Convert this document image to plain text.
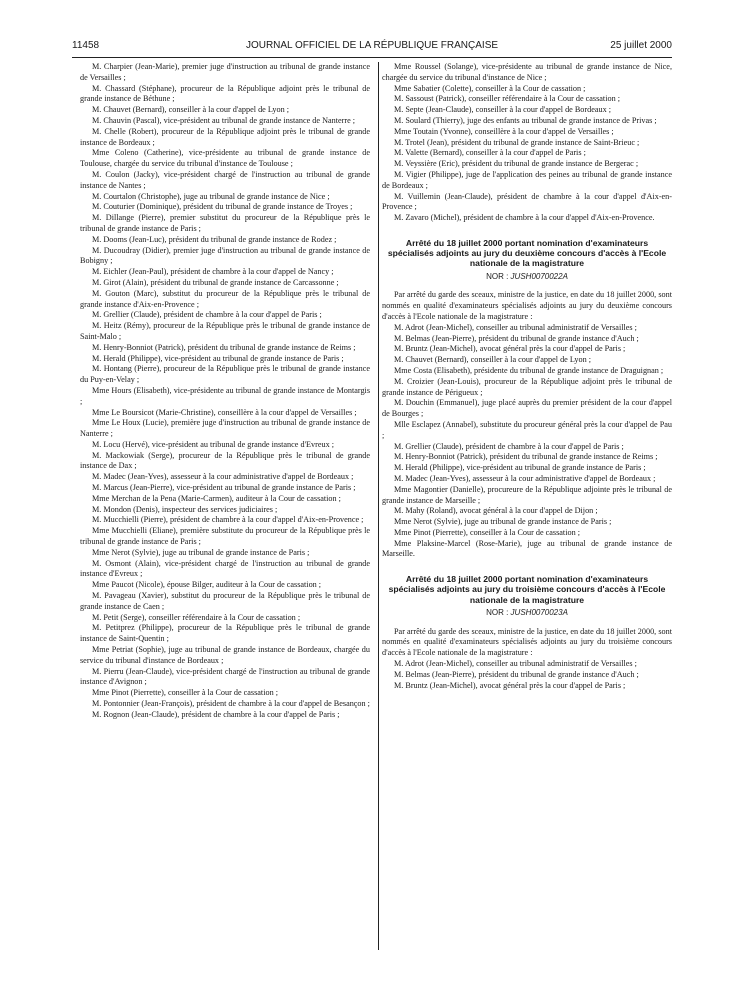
11458	JOURNAL OFFICIEL DE LA RÉPUBLIQUE FRANÇAISE	25 juillet 2000

M. Charpier (Jean-Marie), premier juge d'instruction au tribunal de grande instance de Versailles ;

M. Chassard (Stéphane), procureur de la République adjoint près le tribunal de grande instance de Béthune ;

M. Chauvet (Bernard), conseiller à la cour d'appel de Lyon ;

M. Chauvin (Pascal), vice-président au tribunal de grande instance de Nanterre ;

M. Chelle (Robert), procureur de la République adjoint près le tribunal de grande instance de Bordeaux ;

Mme Coleno (Catherine), vice-présidente au tribunal de grande instance de Toulouse, chargée du service du tribunal d'instance de Toulouse ;

M. Coulon (Jacky), vice-président chargé de l'instruction au tribunal de grande instance de Nantes ;

M. Courtalon (Christophe), juge au tribunal de grande instance de Nice ;

M. Couturier (Dominique), président du tribunal de grande instance de Troyes ;

M. Dillange (Pierre), premier substitut du procureur de la République près le tribunal de grande instance de Paris ;

M. Dooms (Jean-Luc), président du tribunal de grande instance de Rodez ;

M. Ducoudray (Didier), premier juge d'instruction au tribunal de grande instance de Bobigny ;

M. Eichler (Jean-Paul), président de chambre à la cour d'appel de Nancy ;

M. Girot (Alain), président du tribunal de grande instance de Carcassonne ;

M. Gouton (Marc), substitut du procureur de la République près le tribunal de grande instance d'Aix-en-Provence ;

M. Grellier (Claude), président de chambre à la cour d'appel de Paris ;

M. Heitz (Rémy), procureur de la République près le tribunal de grande instance de Saint-Malo ;

M. Henry-Bonniot (Patrick), président du tribunal de grande instance de Reims ;

M. Herald (Philippe), vice-président au tribunal de grande instance de Paris ;

M. Hontang (Pierre), procureur de la République près le tribunal de grande instance du Puy-en-Velay ;

Mme Hours (Elisabeth), vice-présidente au tribunal de grande instance de Montargis ;

Mme Le Boursicot (Marie-Christine), conseillère à la cour d'appel de Versailles ;

Mme Le Houx (Lucie), première juge d'instruction au tribunal de grande instance de Nanterre ;

M. Locu (Hervé), vice-président au tribunal de grande instance d'Evreux ;

M. Mackowiak (Serge), procureur de la République près le tribunal de grande instance de Dax ;

M. Madec (Jean-Yves), assesseur à la cour administrative d'appel de Bordeaux ;

M. Marcus (Jean-Pierre), vice-président au tribunal de grande instance de Paris ;

Mme Merchan de la Pena (Marie-Carmen), auditeur à la Cour de cassation ;

M. Mondon (Denis), inspecteur des services judiciaires ;

M. Mucchielli (Pierre), président de chambre à la cour d'appel d'Aix-en-Provence ;

Mme Mucchielli (Eliane), première substitute du procureur de la République près le tribunal de grande instance de Paris ;

Mme Nerot (Sylvie), juge au tribunal de grande instance de Paris ;

M. Osmont (Alain), vice-président chargé de l'instruction au tribunal de grande instance d'Evreux ;

Mme Paucot (Nicole), épouse Bilger, auditeur à la Cour de cassation ;

M. Pavageau (Xavier), substitut du procureur de la République près le tribunal de grande instance de Caen ;

M. Petit (Serge), conseiller référendaire à la Cour de cassation ;

M. Petitprez (Philippe), procureur de la République près le tribunal de grande instance de Saint-Quentin ;

Mme Petriat (Sophie), juge au tribunal de grande instance de Bordeaux, chargée du service du tribunal d'instance de Bordeaux ;

M. Pierru (Jean-Claude), vice-président chargé de l'instruction au tribunal de grande instance d'Avignon ;

Mme Pinot (Pierrette), conseiller à la Cour de cassation ;

M. Pontonnier (Jean-François), président de chambre à la cour d'appel de Besançon ;

M. Rognon (Jean-Claude), président de chambre à la cour d'appel de Paris ;

Mme Roussel (Solange), vice-présidente au tribunal de grande instance de Nice, chargée du service du tribunal d'instance de Nice ;

Mme Sabatier (Colette), conseiller à la Cour de cassation ;

M. Sassoust (Patrick), conseiller référendaire à la Cour de cassation ;

M. Septe (Jean-Claude), conseiller à la cour d'appel de Bordeaux ;

M. Soulard (Thierry), juge des enfants au tribunal de grande instance de Privas ;

Mme Toutain (Yvonne), conseillère à la cour d'appel de Versailles ;

M. Trotel (Jean), président du tribunal de grande instance de Saint-Brieuc ;

M. Valette (Bernard), conseiller à la cour d'appel de Paris ;

M. Veyssière (Eric), président du tribunal de grande instance de Bergerac ;

M. Vigier (Philippe), juge de l'application des peines au tribunal de grande instance de Bordeaux ;

M. Vuillemin (Jean-Claude), président de chambre à la cour d'appel d'Aix-en-Provence ;

M. Zavaro (Michel), président de chambre à la cour d'appel d'Aix-en-Provence.

Arrêté du 18 juillet 2000 portant nomination d'examinateurs spécialisés adjoints au jury du deuxième concours d'accès à l'Ecole nationale de la magistrature

NOR : JUSH0070022A

Par arrêté du garde des sceaux, ministre de la justice, en date du 18 juillet 2000, sont nommés en qualité d'examinateurs spécialisés adjoints au jury du deuxième concours d'accès à l'Ecole nationale de la magistrature :

M. Adrot (Jean-Michel), conseiller au tribunal administratif de Versailles ;

M. Belmas (Jean-Pierre), président du tribunal de grande instance d'Auch ;

M. Bruntz (Jean-Michel), avocat général près la cour d'appel de Paris ;

M. Chauvet (Bernard), conseiller à la cour d'appel de Lyon ;

Mme Costa (Elisabeth), présidente du tribunal de grande instance de Draguignan ;

M. Croizier (Jean-Louis), procureur de la République adjoint près le tribunal de grande instance de Périgueux ;

M. Douchin (Emmanuel), juge placé auprès du premier président de la cour d'appel de Bourges ;

Mlle Esclapez (Annabel), substitute du procureur général près la cour d'appel de Pau ;

M. Grellier (Claude), président de chambre à la cour d'appel de Paris ;

M. Henry-Bonniot (Patrick), président du tribunal de grande instance de Reims ;

M. Herald (Philippe), vice-président au tribunal de grande instance de Paris ;

M. Madec (Jean-Yves), assesseur à la cour administrative d'appel de Bordeaux ;

Mme Magontier (Danielle), procureure de la République adjointe près le tribunal de grande instance de Marseille ;

M. Mahy (Roland), avocat général à la cour d'appel de Dijon ;

Mme Nerot (Sylvie), juge au tribunal de grande instance de Paris ;

Mme Pinot (Pierrette), conseiller à la Cour de cassation ;

Mme Plaksine-Marcel (Rose-Marie), juge au tribunal de grande instance de Marseille.

Arrêté du 18 juillet 2000 portant nomination d'examinateurs spécialisés adjoints au jury du troisième concours d'accès à l'Ecole nationale de la magistrature

NOR : JUSH0070023A

Par arrêté du garde des sceaux, ministre de la justice, en date du 18 juillet 2000, sont nommés en qualité d'examinateurs spécialisés adjoints au jury du troisième concours d'accès à l'Ecole nationale de la magistrature :

M. Adrot (Jean-Michel), conseiller au tribunal administratif de Versailles ;

M. Belmas (Jean-Pierre), président du tribunal de grande instance d'Auch ;

M. Bruntz (Jean-Michel), avocat général près la cour d'appel de Paris ;
